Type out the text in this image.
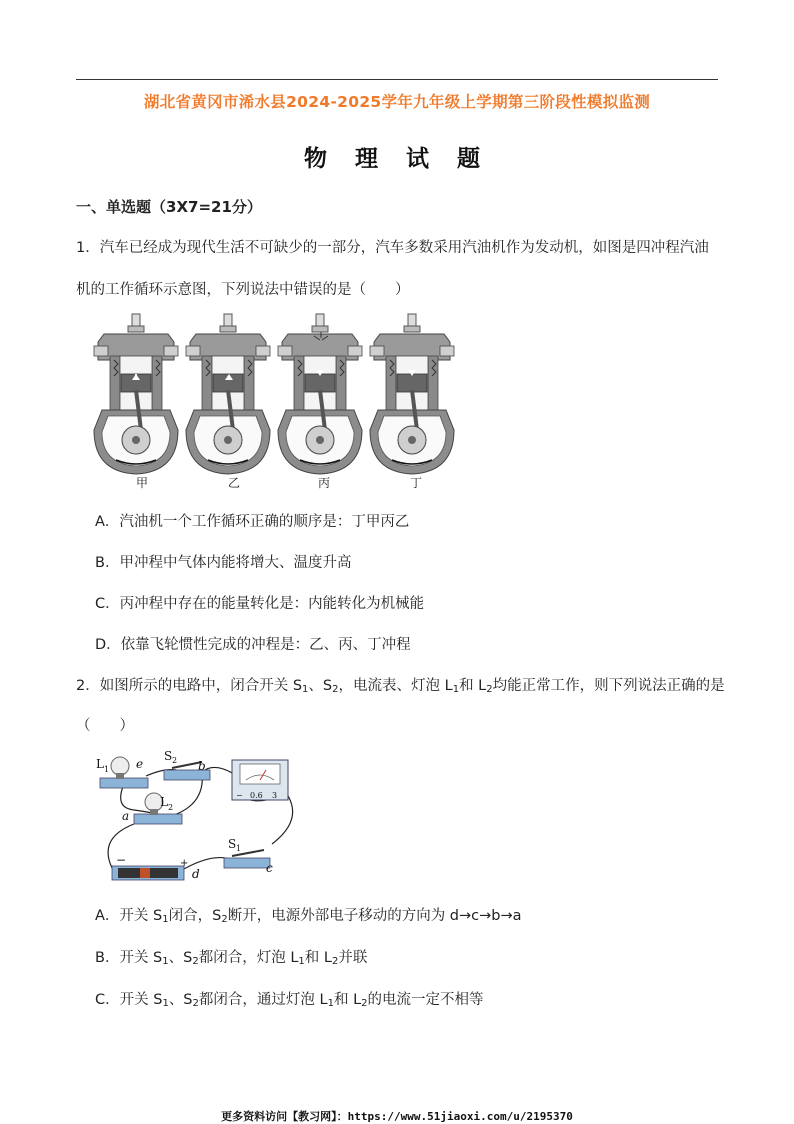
湖北省黄冈市浠水县2024-2025学年九年级上学期第三阶段性模拟监测
物 理 试 题
一、单选题（3X7=21分）
1．汽车已经成为现代生活不可缺少的一部分，汽车多数采用汽油机作为发动机，如图是四冲程汽油
机的工作循环示意图，下列说法中错误的是（　　）
甲	乙	丙	丁
A．汽油机一个工作循环正确的顺序是：丁甲丙乙
B．甲冲程中气体内能将增大、温度升高
C．丙冲程中存在的能量转化是：内能转化为机械能
D．依靠飞轮惯性完成的冲程是：乙、丙、丁冲程
2．如图所示的电路中，闭合开关 $S_1$、$S_2$，电流表、灯泡 $L_1$和 $L_2$均能正常工作，则下列说法正确的是
（　　）
L 1 e
S 2 b
− 0.6 3
L 2
a
−	+
d
S 1
c
A．开关 $S_1$闭合，$S_2$断开，电源外部电子移动的方向为 d→c→b→a
B．开关 $S_1$、$S_2$都闭合，灯泡 $L_1$和 $L_2$并联
C．开关 $S_1$、$S_2$都闭合，通过灯泡 $L_1$和 $L_2$的电流一定不相等
更多资料访问【教习网】：https://www.51jiaoxi.com/u/2195370
